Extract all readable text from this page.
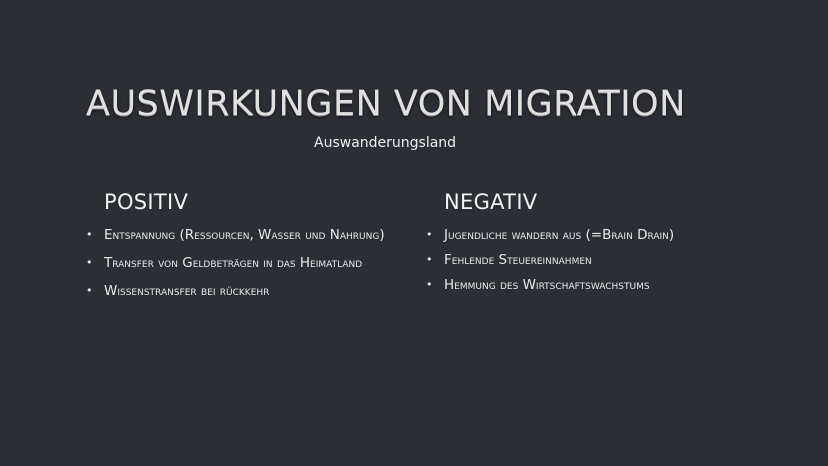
AUSWIRKUNGEN VON MIGRATION
Auswanderungsland
POSITIV
• Entspannung (Ressourcen, Wasser und Nahrung)
• Transfer von Geldbeträgen in das Heimatland
• Wissenstransfer bei rückkehr
NEGATIV
• Jugendliche wandern aus (=Brain Drain)
• Fehlende Steuereinnahmen
• Hemmung des Wirtschaftswachstums
